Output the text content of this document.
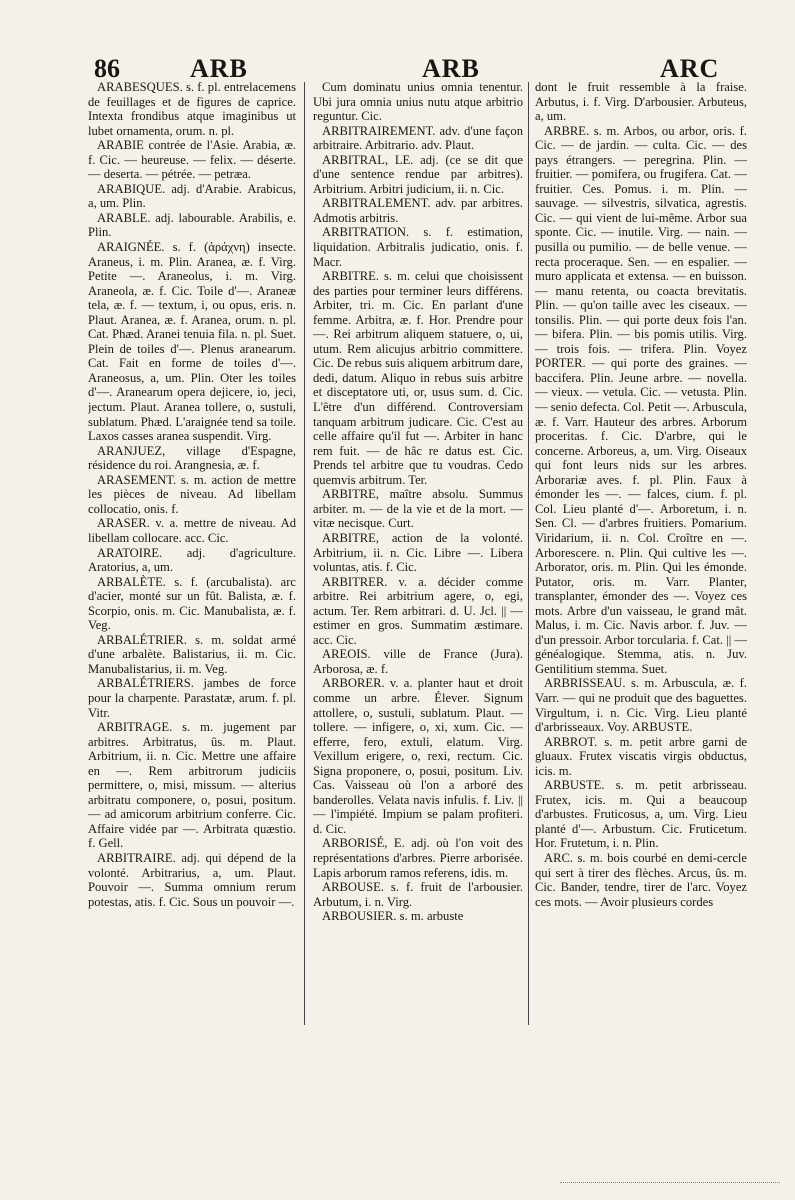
86	ARB	ARB	ARC

ARABESQUES. s. f. pl. entrelacemens de feuillages et de figures de caprice. Intexta frondibus atque imaginibus ut lubet ornamenta, orum. n. pl.

ARABIE contrée de l'Asie. Arabia, æ. f. Cic. — heureuse. — felix. — déserte. — deserta. — pétrée. — petræa.

ARABIQUE. adj. d'Arabie. Arabicus, a, um. Plin.

ARABLE. adj. labourable. Arabilis, e. Plin.

ARAIGNÉE. s. f. (ἀράχνη) insecte. Araneus, i. m. Plin. Aranea, æ. f. Virg. Petite —. Araneolus, i. m. Virg. Araneola, æ. f. Cic. Toile d'—. Araneæ tela, æ. f. — textum, i, ou opus, eris. n. Plaut. Aranea, æ. f. Aranea, orum. n. pl. Cat. Phæd. Aranei tenuia fila. n. pl. Suet. Plein de toiles d'—. Plenus aranearum. Cat. Fait en forme de toiles d'—. Araneosus, a, um. Plin. Oter les toiles d'—. Aranearum opera dejicere, io, jeci, jectum. Plaut. Aranea tollere, o, sustuli, sublatum. Phæd. L'araignée tend sa toile. Laxos casses aranea suspendit. Virg.

ARANJUEZ, village d'Espagne, résidence du roi. Arangnesia, æ. f.

ARASEMENT. s. m. action de mettre les pièces de niveau. Ad libellam collocatio, onis. f.

ARASER. v. a. mettre de niveau. Ad libellam collocare. acc. Cic.

ARATOIRE. adj. d'agriculture. Aratorius, a, um.

ARBALÈTE. s. f. (arcubalista). arc d'acier, monté sur un fût. Balista, æ. f. Scorpio, onis. m. Cic. Manubalista, æ. f. Veg.

ARBALÉTRIER. s. m. soldat armé d'une arbalète. Balistarius, ii. m. Cic. Manubalistarius, ii. m. Veg.

ARBALÉTRIERS. jambes de force pour la charpente. Parastatæ, arum. f. pl. Vitr.

ARBITRAGE. s. m. jugement par arbitres. Arbitratus, ûs. m. Plaut. Arbitrium, ii. n. Cic. Mettre une affaire en —. Rem arbitrorum judiciis permittere, o, misi, missum. — alterius arbitratu componere, o, posui, positum. — ad amicorum arbitrium conferre. Cic. Affaire vidée par —. Arbitrata quæstio. f. Gell.

ARBITRAIRE. adj. qui dépend de la volonté. Arbitrarius, a, um. Plaut. Pouvoir —. Summa omnium rerum potestas, atis. f. Cic. Sous un pouvoir —.

Cum dominatu unius omnia tenentur. Ubi jura omnia unius nutu atque arbitrio reguntur. Cic.

ARBITRAIREMENT. adv. d'une façon arbitraire. Arbitrario. adv. Plaut.

ARBITRAL, LE. adj. (ce se dit que d'une sentence rendue par arbitres). Arbitrium. Arbitri judicium, ii. n. Cic.

ARBITRALEMENT. adv. par arbitres. Admotis arbitris.

ARBITRATION. s. f. estimation, liquidation. Arbitralis judicatio, onis. f. Macr.

ARBITRE. s. m. celui que choisissent des parties pour terminer leurs différens. Arbiter, tri. m. Cic. En parlant d'une femme. Arbitra, æ. f. Hor. Prendre pour —. Rei arbitrum aliquem statuere, o, ui, utum. Rem alicujus arbitrio committere. Cic. De rebus suis aliquem arbitrum dare, dedi, datum. Aliquo in rebus suis arbitre et disceptatore uti, or, usus sum. d. Cic. L'être d'un différend. Controversiam tanquam arbitrum judicare. Cic. C'est au celle affaire qu'il fut —. Arbiter in hanc rem fuit. — de hâc re datus est. Cic. Prends tel arbitre que tu voudras. Cedo quemvis arbitrum. Ter.

ARBITRE, maître absolu. Summus arbiter. m. — de la vie et de la mort. — vitæ necisque. Curt.

ARBITRE, action de la volonté. Arbitrium, ii. n. Cic. Libre —. Libera voluntas, atis. f. Cic.

ARBITRER. v. a. décider comme arbitre. Rei arbitrium agere, o, egi, actum. Ter. Rem arbitrari. d. U. Jcl. || — estimer en gros. Summatim æstimare. acc. Cic.

AREOIS. ville de France (Jura). Arborosa, æ. f.

ARBORER. v. a. planter haut et droit comme un arbre. Élever. Signum attollere, o, sustuli, sublatum. Plaut. — tollere. — infigere, o, xi, xum. Cic. — efferre, fero, extuli, elatum. Virg. Vexillum erigere, o, rexi, rectum. Cic. Signa proponere, o, posui, positum. Liv. Cas. Vaisseau où l'on a arboré des banderolles. Velata navis infulis. f. Liv. || — l'impiété. Impium se palam profiteri. d. Cic.

ARBORISÉ, E. adj. où l'on voit des représentations d'arbres. Pierre arborisée. Lapis arborum ramos referens, idis. m.

ARBOUSE. s. f. fruit de l'arbousier. Arbutum, i. n. Virg.

ARBOUSIER. s. m. arbuste

dont le fruit ressemble à la fraise. Arbutus, i. f. Virg. D'arbousier. Arbuteus, a, um.

ARBRE. s. m. Arbos, ou arbor, oris. f. Cic. — de jardin. — culta. Cic. — des pays étrangers. — peregrina. Plin. — fruitier. — pomifera, ou frugifera. Cat. — fruitier. Ces. Pomus. i. m. Plin. — sauvage. — silvestris, silvatica, agrestis. Cic. — qui vient de lui-même. Arbor sua sponte. Cic. — inutile. Virg. — nain. — pusilla ou pumilio. — de belle venue. — recta proceraque. Sen. — en espalier. — muro applicata et extensa. — en buisson. — manu retenta, ou coacta brevitatis. Plin. — qu'on taille avec les ciseaux. — tonsilis. Plin. — qui porte deux fois l'an. — bifera. Plin. — bis pomis utilis. Virg. — trois fois. — trifera. Plin. Voyez PORTER. — qui porte des graines. — baccifera. Plin. Jeune arbre. — novella. — vieux. — vetula. Cic. — vetusta. Plin. — senio defecta. Col. Petit —. Arbuscula, æ. f. Varr. Hauteur des arbres. Arborum proceritas. f. Cic. D'arbre, qui le concerne. Arboreus, a, um. Virg. Oiseaux qui font leurs nids sur les arbres. Arborariæ aves. f. pl. Plin. Faux à émonder les —. — falces, cium. f. pl. Col. Lieu planté d'—. Arboretum, i. n. Sen. Cl. — d'arbres fruitiers. Pomarium. Viridarium, ii. n. Col. Croître en —. Arborescere. n. Plin. Qui cultive les —. Arborator, oris. m. Plin. Qui les émonde. Putator, oris. m. Varr. Planter, transplanter, émonder des —. Voyez ces mots. Arbre d'un vaisseau, le grand mât. Malus, i. m. Cic. Navis arbor. f. Juv. — d'un pressoir. Arbor torcularia. f. Cat. || — généalogique. Stemma, atis. n. Juv. Gentilitium stemma. Suet.

ARBRISSEAU. s. m. Arbuscula, æ. f. Varr. — qui ne produit que des baguettes. Virgultum, i. n. Cic. Virg. Lieu planté d'arbrisseaux. Voy. ARBUSTE.

ARBROT. s. m. petit arbre garni de gluaux. Frutex viscatis virgis obductus, icis. m.

ARBUSTE. s. m. petit arbrisseau. Frutex, icis. m. Qui a beaucoup d'arbustes. Fruticosus, a, um. Virg. Lieu planté d'—. Arbustum. Cic. Fruticetum. Hor. Frutetum, i. n. Plin.

ARC. s. m. bois courbé en demi-cercle qui sert à tirer des flèches. Arcus, ûs. m. Cic. Bander, tendre, tirer de l'arc. Voyez ces mots. — Avoir plusieurs cordes
